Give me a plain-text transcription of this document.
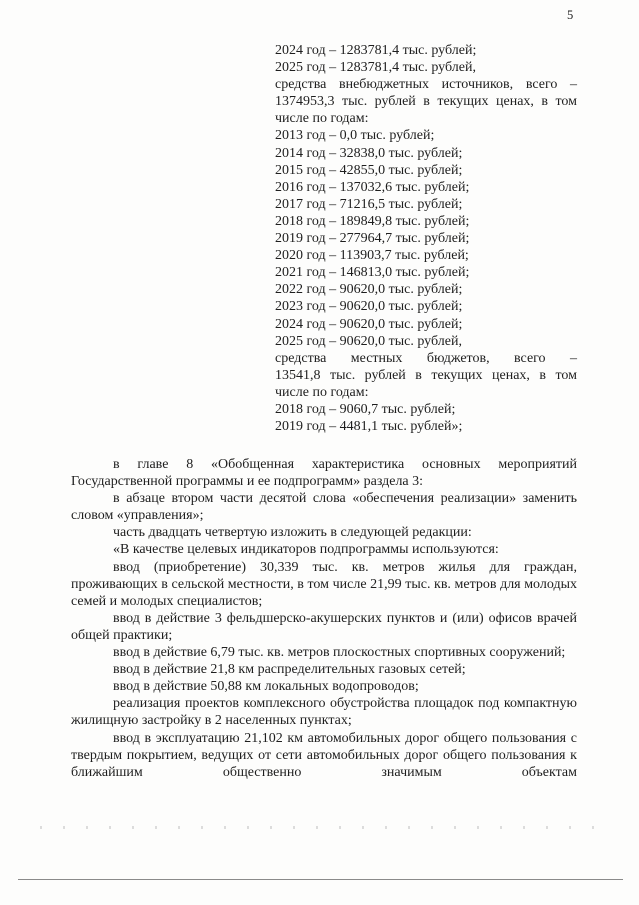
5
2024 год – 1283781,4 тыс. рублей;
2025 год – 1283781,4 тыс. рублей,
средства внебюджетных источников, всего –
1374953,3 тыс. рублей в текущих ценах, в том
числе по годам:
2013 год – 0,0 тыс. рублей;
2014 год – 32838,0 тыс. рублей;
2015 год – 42855,0 тыс. рублей;
2016 год – 137032,6 тыс. рублей;
2017 год – 71216,5 тыс. рублей;
2018 год – 189849,8 тыс. рублей;
2019 год – 277964,7 тыс. рублей;
2020 год – 113903,7 тыс. рублей;
2021 год – 146813,0 тыс. рублей;
2022 год – 90620,0 тыс. рублей;
2023 год – 90620,0 тыс. рублей;
2024 год – 90620,0 тыс. рублей;
2025 год – 90620,0 тыс. рублей,
средства местных бюджетов, всего –
13541,8 тыс. рублей в текущих ценах, в том
числе по годам:
2018 год – 9060,7 тыс. рублей;
2019 год – 4481,1 тыс. рублей»;
в главе 8 «Обобщенная характеристика основных мероприятий Государственной программы и ее подпрограмм» раздела 3:
в абзаце втором части десятой слова «обеспечения реализации» заменить словом «управления»;
часть двадцать четвертую изложить в следующей редакции:
«В качестве целевых индикаторов подпрограммы используются:
ввод (приобретение) 30,339 тыс. кв. метров жилья для граждан, проживающих в сельской местности, в том числе 21,99 тыс. кв. метров для молодых семей и молодых специалистов;
ввод в действие 3 фельдшерско-акушерских пунктов и (или) офисов врачей общей практики;
ввод в действие 6,79 тыс. кв. метров плоскостных спортивных сооружений;
ввод в действие 21,8 км распределительных газовых сетей;
ввод в действие 50,88 км локальных водопроводов;
реализация проектов комплексного обустройства площадок под компактную жилищную застройку в 2 населенных пунктах;
ввод в эксплуатацию 21,102 км автомобильных дорог общего пользования с твердым покрытием, ведущих от сети автомобильных дорог общего пользования к ближайшим общественно значимым объектам
